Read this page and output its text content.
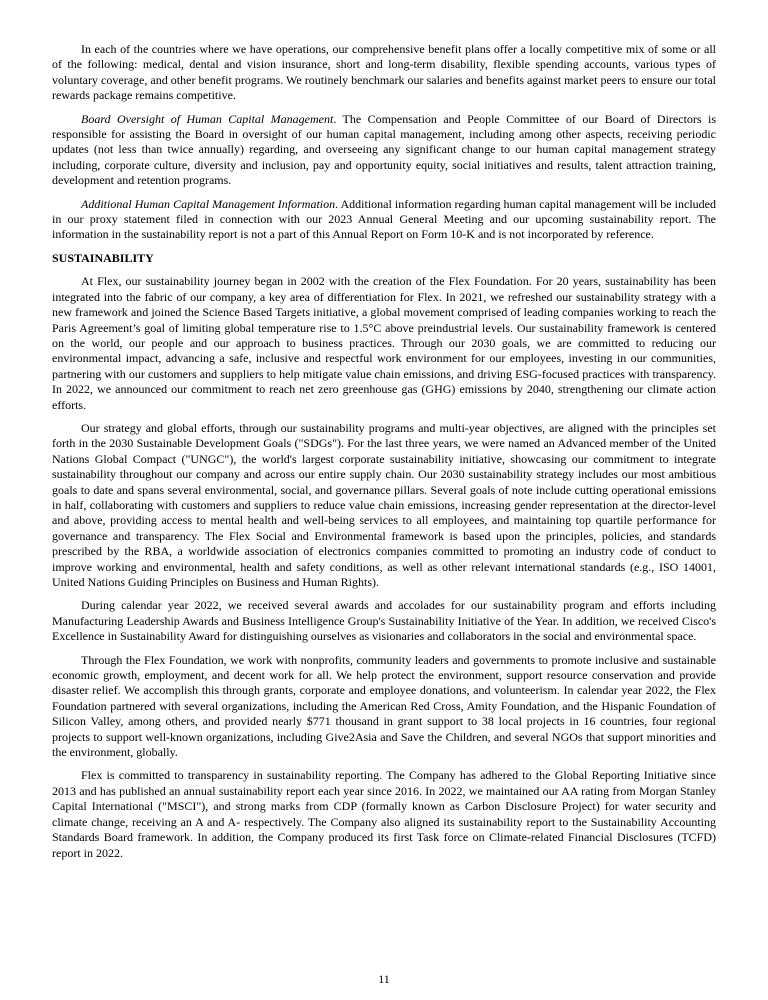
In each of the countries where we have operations, our comprehensive benefit plans offer a locally competitive mix of some or all of the following: medical, dental and vision insurance, short and long-term disability, flexible spending accounts, various types of voluntary coverage, and other benefit programs. We routinely benchmark our salaries and benefits against market peers to ensure our total rewards package remains competitive.

Board Oversight of Human Capital Management. The Compensation and People Committee of our Board of Directors is responsible for assisting the Board in oversight of our human capital management, including among other aspects, receiving periodic updates (not less than twice annually) regarding, and overseeing any significant change to our human capital management strategy including, corporate culture, diversity and inclusion, pay and opportunity equity, social initiatives and results, talent attraction training, development and retention programs.

Additional Human Capital Management Information. Additional information regarding human capital management will be included in our proxy statement filed in connection with our 2023 Annual General Meeting and our upcoming sustainability report. The information in the sustainability report is not a part of this Annual Report on Form 10-K and is not incorporated by reference.

SUSTAINABILITY

At Flex, our sustainability journey began in 2002 with the creation of the Flex Foundation. For 20 years, sustainability has been integrated into the fabric of our company, a key area of differentiation for Flex. In 2021, we refreshed our sustainability strategy with a new framework and joined the Science Based Targets initiative, a global movement comprised of leading companies working to reach the Paris Agreement’s goal of limiting global temperature rise to 1.5°C above preindustrial levels. Our sustainability framework is centered on the world, our people and our approach to business practices. Through our 2030 goals, we are committed to reducing our environmental impact, advancing a safe, inclusive and respectful work environment for our employees, investing in our communities, partnering with our customers and suppliers to help mitigate value chain emissions, and driving ESG-focused practices with transparency. In 2022, we announced our commitment to reach net zero greenhouse gas (GHG) emissions by 2040, strengthening our climate action efforts.

Our strategy and global efforts, through our sustainability programs and multi-year objectives, are aligned with the principles set forth in the 2030 Sustainable Development Goals ("SDGs"). For the last three years, we were named an Advanced member of the United Nations Global Compact ("UNGC"), the world's largest corporate sustainability initiative, showcasing our commitment to integrate sustainability throughout our company and across our entire supply chain. Our 2030 sustainability strategy includes our most ambitious goals to date and spans several environmental, social, and governance pillars. Several goals of note include cutting operational emissions in half, collaborating with customers and suppliers to reduce value chain emissions, increasing gender representation at the director-level and above, providing access to mental health and well-being services to all employees, and maintaining top quartile performance for governance and transparency. The Flex Social and Environmental framework is based upon the principles, policies, and standards prescribed by the RBA, a worldwide association of electronics companies committed to promoting an industry code of conduct to improve working and environmental, health and safety conditions, as well as other relevant international standards (e.g., ISO 14001, United Nations Guiding Principles on Business and Human Rights).

During calendar year 2022, we received several awards and accolades for our sustainability program and efforts including Manufacturing Leadership Awards and Business Intelligence Group's Sustainability Initiative of the Year. In addition, we received Cisco's Excellence in Sustainability Award for distinguishing ourselves as visionaries and collaborators in the social and environmental space.

Through the Flex Foundation, we work with nonprofits, community leaders and governments to promote inclusive and sustainable economic growth, employment, and decent work for all. We help protect the environment, support resource conservation and provide disaster relief. We accomplish this through grants, corporate and employee donations, and volunteerism. In calendar year 2022, the Flex Foundation partnered with several organizations, including the American Red Cross, Amity Foundation, and the Hispanic Foundation of Silicon Valley, among others, and provided nearly $771 thousand in grant support to 38 local projects in 16 countries, four regional projects to support well-known organizations, including Give2Asia and Save the Children, and several NGOs that support minorities and the environment, globally.

Flex is committed to transparency in sustainability reporting. The Company has adhered to the Global Reporting Initiative since 2013 and has published an annual sustainability report each year since 2016. In 2022, we maintained our AA rating from Morgan Stanley Capital International ("MSCI"), and strong marks from CDP (formally known as Carbon Disclosure Project) for water security and climate change, receiving an A and A- respectively. The Company also aligned its sustainability report to the Sustainability Accounting Standards Board framework. In addition, the Company produced its first Task force on Climate-related Financial Disclosures (TCFD) report in 2022.

11
